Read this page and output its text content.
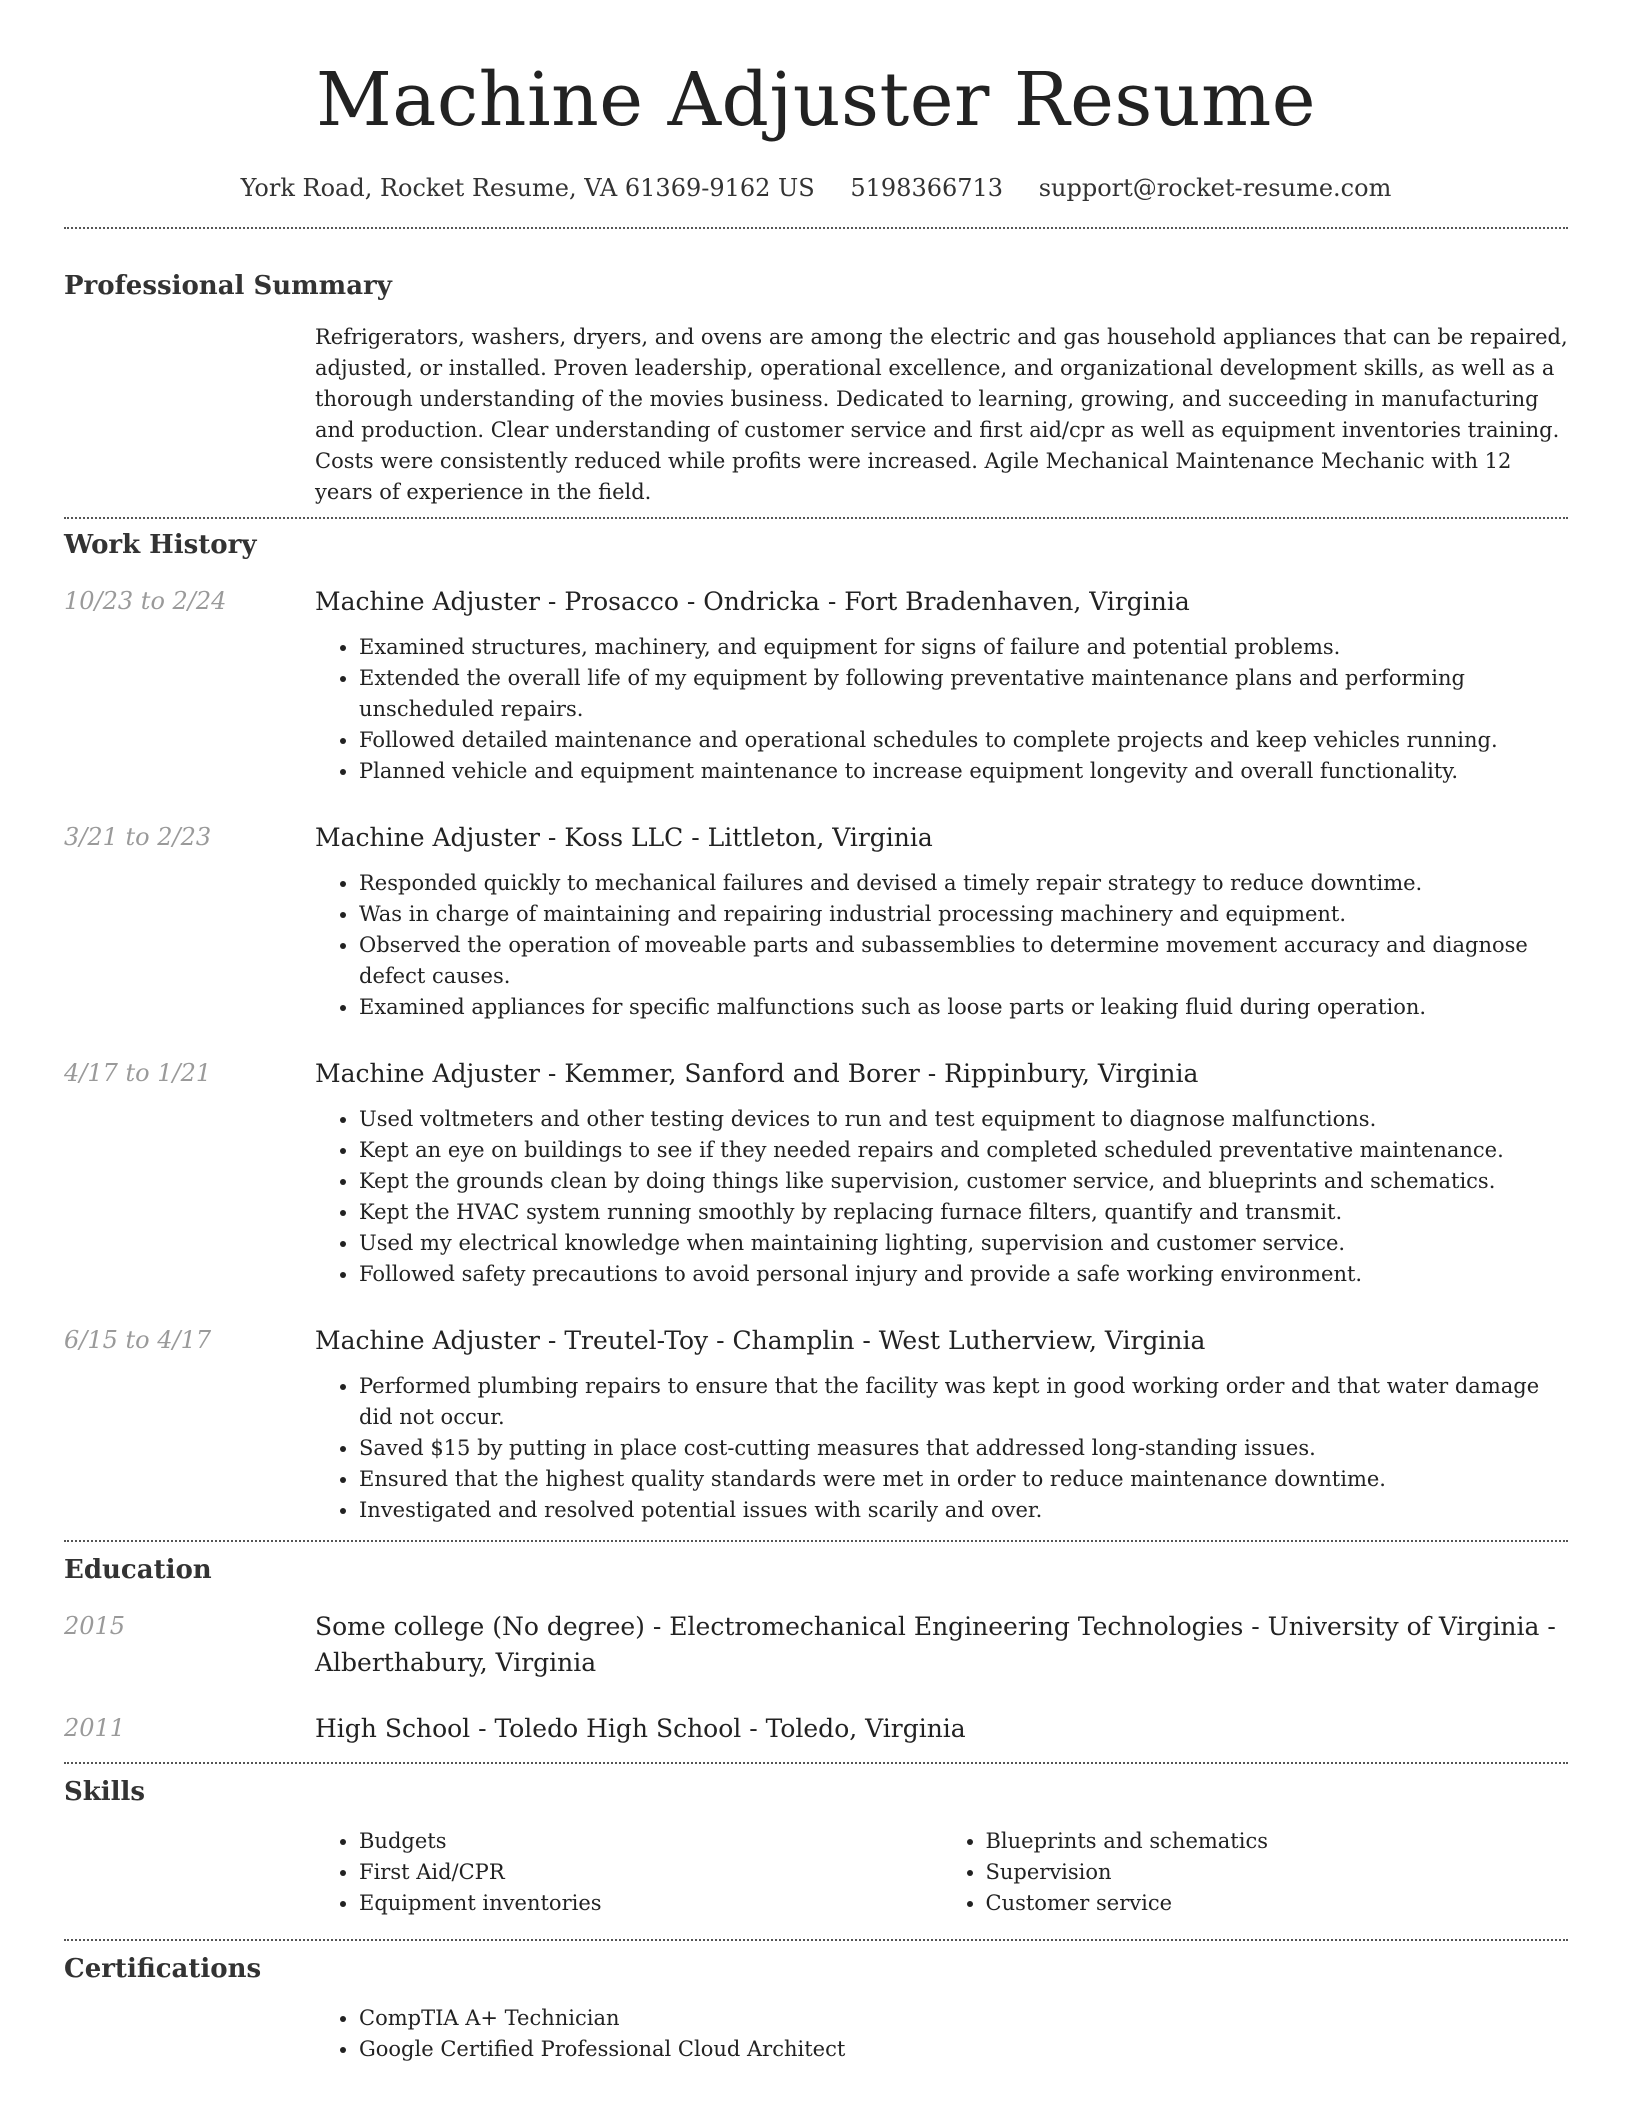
Machine Adjuster Resume
York Road, Rocket Resume, VA 61369-9162 US 5198366713 support@rocket-resume.com
Professional Summary
Refrigerators, washers, dryers, and ovens are among the electric and gas household appliances that can be repaired, adjusted, or installed. Proven leadership, operational excellence, and organizational development skills, as well as a thorough understanding of the movies business. Dedicated to learning, growing, and succeeding in manufacturing and production. Clear understanding of customer service and first aid/cpr as well as equipment inventories training. Costs were consistently reduced while profits were increased. Agile Mechanical Maintenance Mechanic with 12 years of experience in the field.
Work History
10/23 to 2/24	Machine Adjuster - Prosacco - Ondricka - Fort Bradenhaven, Virginia
• Examined structures, machinery, and equipment for signs of failure and potential problems.
• Extended the overall life of my equipment by following preventative maintenance plans and performing unscheduled repairs.
• Followed detailed maintenance and operational schedules to complete projects and keep vehicles running.
• Planned vehicle and equipment maintenance to increase equipment longevity and overall functionality.
3/21 to 2/23	Machine Adjuster - Koss LLC - Littleton, Virginia
• Responded quickly to mechanical failures and devised a timely repair strategy to reduce downtime.
• Was in charge of maintaining and repairing industrial processing machinery and equipment.
• Observed the operation of moveable parts and subassemblies to determine movement accuracy and diagnose defect causes.
• Examined appliances for specific malfunctions such as loose parts or leaking fluid during operation.
4/17 to 1/21	Machine Adjuster - Kemmer, Sanford and Borer - Rippinbury, Virginia
• Used voltmeters and other testing devices to run and test equipment to diagnose malfunctions.
• Kept an eye on buildings to see if they needed repairs and completed scheduled preventative maintenance.
• Kept the grounds clean by doing things like supervision, customer service, and blueprints and schematics.
• Kept the HVAC system running smoothly by replacing furnace filters, quantify and transmit.
• Used my electrical knowledge when maintaining lighting, supervision and customer service.
• Followed safety precautions to avoid personal injury and provide a safe working environment.
6/15 to 4/17	Machine Adjuster - Treutel-Toy - Champlin - West Lutherview, Virginia
• Performed plumbing repairs to ensure that the facility was kept in good working order and that water damage did not occur.
• Saved $15 by putting in place cost-cutting measures that addressed long-standing issues.
• Ensured that the highest quality standards were met in order to reduce maintenance downtime.
• Investigated and resolved potential issues with scarily and over.
Education
2015	Some college (No degree) - Electromechanical Engineering Technologies - University of Virginia - Alberthabury, Virginia
2011	High School - Toledo High School - Toledo, Virginia
Skills
• Budgets
• First Aid/CPR
• Equipment inventories
• Blueprints and schematics
• Supervision
• Customer service
Certifications
• CompTIA A+ Technician
• Google Certified Professional Cloud Architect
